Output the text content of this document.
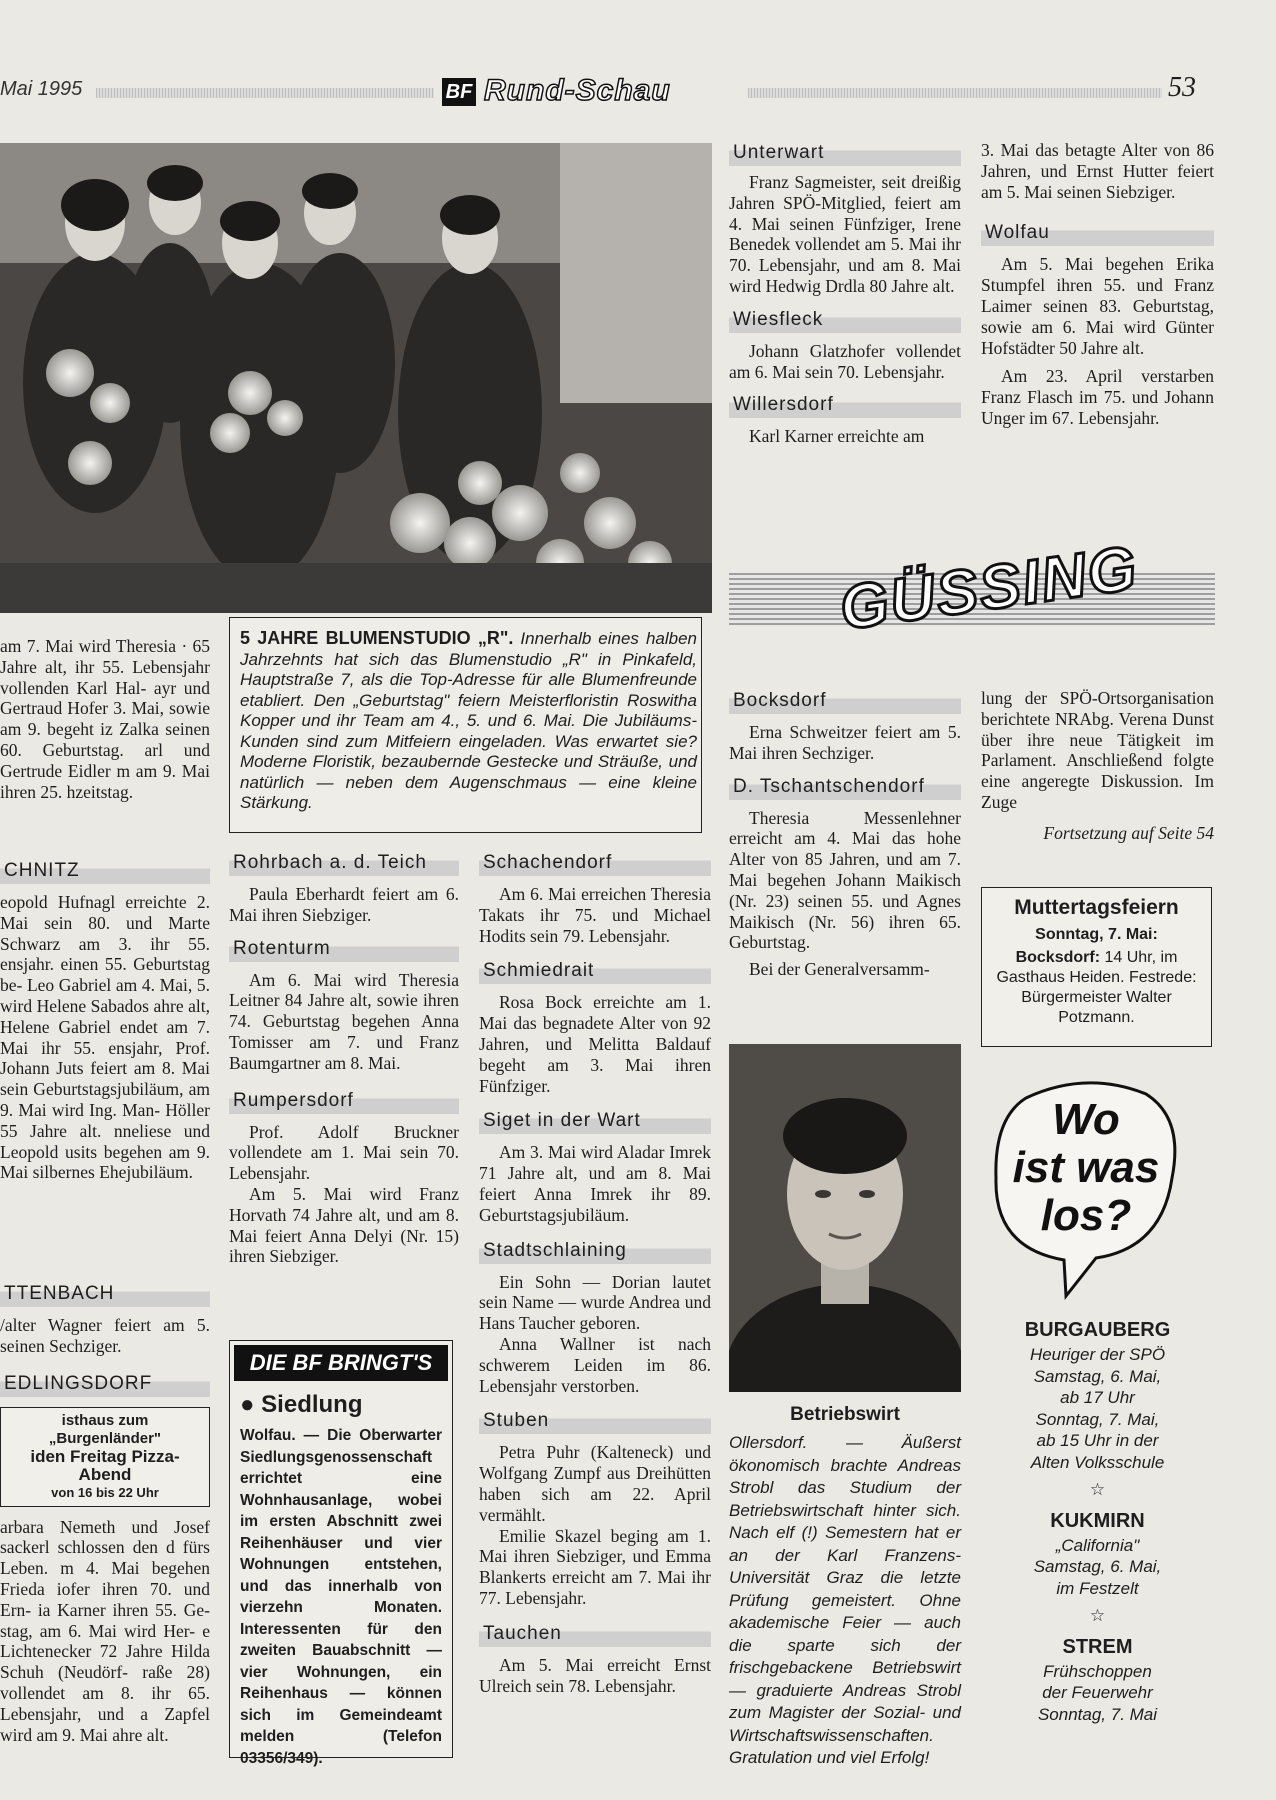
Mai 1995	BF Rund-Schau	53

am 7. Mai wird Theresia · 65 Jahre alt, ihr 55. Lebensjahr vollenden Karl Hal- ayr und Gertraud Hofer 3. Mai, sowie am 9. begeht iz Zalka seinen 60. Geburtstag. arl und Gertrude Eidler m am 9. Mai ihren 25. hzeitstag.

CHNITZ

eopold Hufnagl erreichte 2. Mai sein 80. und Marte Schwarz am 3. ihr 55. ensjahr. einen 55. Geburtstag be- Leo Gabriel am 4. Mai, 5. wird Helene Sabados ahre alt, Helene Gabriel endet am 7. Mai ihr 55. ensjahr, Prof. Johann Juts feiert am 8. Mai sein Geburtstagsjubiläum, am 9. Mai wird Ing. Man- Höller 55 Jahre alt. nneliese und Leopold usits begehen am 9. Mai silbernes Ehejubiläum.

TTENBACH

/alter Wagner feiert am 5. seinen Sechziger.

EDLINGSDORF
isthaus zum „Burgenländer"
iden Freitag Pizza-Abend
von 16 bis 22 Uhr

arbara Nemeth und Josef sackerl schlossen den d fürs Leben. m 4. Mai begehen Frieda iofer ihren 70. und Ern- ia Karner ihren 55. Ge- stag, am 6. Mai wird Her- e Lichtenecker 72 Jahre Hilda Schuh (Neudörf- raße 28) vollendet am 8. ihr 65. Lebensjahr, und a Zapfel wird am 9. Mai ahre alt.

5 JAHRE BLUMENSTUDIO „R". Innerhalb eines halben Jahrzehnts hat sich das Blumenstudio „R" in Pinkafeld, Hauptstraße 7, als die Top-Adresse für alle Blumenfreunde etabliert. Den „Geburtstag" feiern Meisterfloristin Roswitha Kopper und ihr Team am 4., 5. und 6. Mai. Die Jubiläums-Kunden sind zum Mitfeiern eingeladen. Was erwartet sie? Moderne Floristik, bezaubernde Gestecke und Sträuße, und natürlich — neben dem Augenschmaus — eine kleine Stärkung.

Rohrbach a. d. Teich

Paula Eberhardt feiert am 6. Mai ihren Siebziger.

Rotenturm

Am 6. Mai wird Theresia Leitner 84 Jahre alt, sowie ihren 74. Geburtstag begehen Anna Tomisser am 7. und Franz Baumgartner am 8. Mai.

Rumpersdorf

Prof. Adolf Bruckner vollendete am 1. Mai sein 70. Lebensjahr.

Am 5. Mai wird Franz Horvath 74 Jahre alt, und am 8. Mai feiert Anna Delyi (Nr. 15) ihren Siebziger.

DIE BF BRINGT'S
● Siedlung

Wolfau. — Die Oberwarter Siedlungsgenossenschaft errichtet eine Wohnhausanlage, wobei im ersten Abschnitt zwei Reihenhäuser und vier Wohnungen entstehen, und das innerhalb von vierzehn Monaten. Interessenten für den zweiten Bauabschnitt — vier Wohnungen, ein Reihenhaus — können sich im Gemeindeamt melden (Telefon 03356/349).

Schachendorf

Am 6. Mai erreichen Theresia Takats ihr 75. und Michael Hodits sein 79. Lebensjahr.

Schmiedrait

Rosa Bock erreichte am 1. Mai das begnadete Alter von 92 Jahren, und Melitta Baldauf begeht am 3. Mai ihren Fünfziger.

Siget in der Wart

Am 3. Mai wird Aladar Imrek 71 Jahre alt, und am 8. Mai feiert Anna Imrek ihr 89. Geburtstagsjubiläum.

Stadtschlaining

Ein Sohn — Dorian lautet sein Name — wurde Andrea und Hans Taucher geboren.

Anna Wallner ist nach schwerem Leiden im 86. Lebensjahr verstorben.

Stuben

Petra Puhr (Kalteneck) und Wolfgang Zumpf aus Dreihütten haben sich am 22. April vermählt.

Emilie Skazel beging am 1. Mai ihren Siebziger, und Emma Blankerts erreicht am 7. Mai ihr 77. Lebensjahr.

Tauchen

Am 5. Mai erreicht Ernst Ulreich sein 78. Lebensjahr.

Unterwart

Franz Sagmeister, seit dreißig Jahren SPÖ-Mitglied, feiert am 4. Mai seinen Fünfziger, Irene Benedek vollendet am 5. Mai ihr 70. Lebensjahr, und am 8. Mai wird Hedwig Drdla 80 Jahre alt.

Wiesfleck

Johann Glatzhofer vollendet am 6. Mai sein 70. Lebensjahr.

Willersdorf

Karl Karner erreichte am

3. Mai das betagte Alter von 86 Jahren, und Ernst Hutter feiert am 5. Mai seinen Siebziger.

Wolfau

Am 5. Mai begehen Erika Stumpfel ihren 55. und Franz Laimer seinen 83. Geburtstag, sowie am 6. Mai wird Günter Hofstädter 50 Jahre alt.

Am 23. April verstarben Franz Flasch im 75. und Johann Unger im 67. Lebensjahr.

GÜSSING
Bocksdorf

Erna Schweitzer feiert am 5. Mai ihren Sechziger.

D. Tschantschendorf

Theresia Messenlehner erreicht am 4. Mai das hohe Alter von 85 Jahren, und am 7. Mai begehen Johann Maikisch (Nr. 23) seinen 55. und Agnes Maikisch (Nr. 56) ihren 65. Geburtstag.

Bei der Generalversamm-

lung der SPÖ-Ortsorganisation berichtete NRAbg. Verena Dunst über ihre neue Tätigkeit im Parlament. Anschließend folgte eine angeregte Diskussion. Im Zuge

Fortsetzung auf Seite 54

Muttertagsfeiern
Sonntag, 7. Mai:

Bocksdorf: 14 Uhr, im Gasthaus Heiden. Festrede: Bürgermeister Walter Potzmann.

Betriebswirt

Ollersdorf. — Äußerst ökonomisch brachte Andreas Strobl das Studium der Betriebswirtschaft hinter sich. Nach elf (!) Semestern hat er an der Karl Franzens-Universität Graz die letzte Prüfung gemeistert. Ohne akademische Feier — auch die sparte sich der frischgebackene Betriebswirt — graduierte Andreas Strobl zum Magister der Sozial- und Wirtschaftswissenschaften. Gratulation und viel Erfolg!

Wo
ist was
los?
BURGAUBERG
Heuriger der SPÖ
Samstag, 6. Mai,
ab 17 Uhr
Sonntag, 7. Mai,
ab 15 Uhr in der
Alten Volksschule
☆
KUKMIRN
„California"
Samstag, 6. Mai,
im Festzelt
☆
STREM
Frühschoppen
der Feuerwehr
Sonntag, 7. Mai
